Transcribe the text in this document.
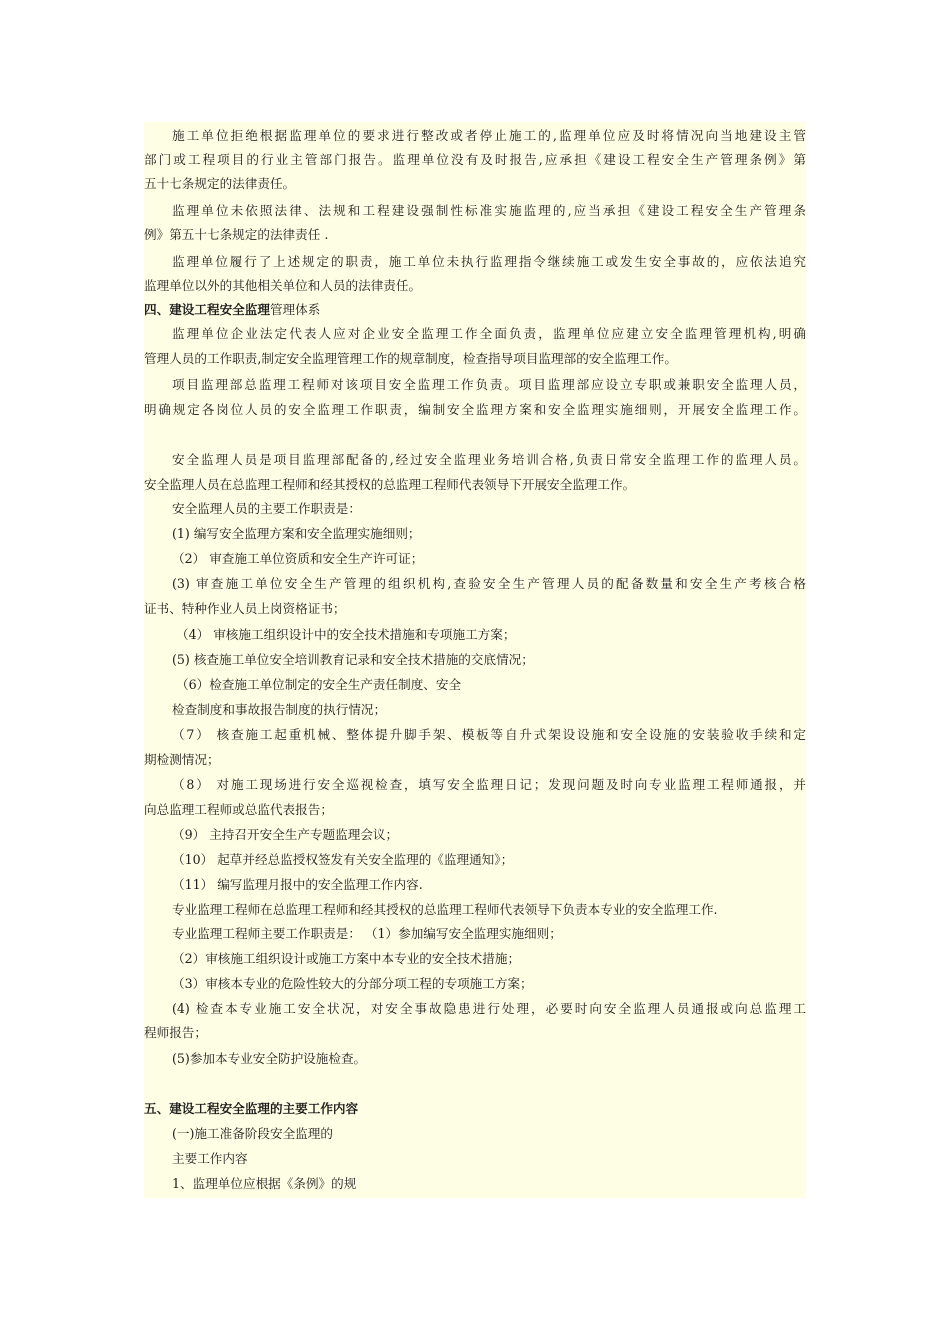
施工单位拒绝根据监理单位的要求进行整改或者停止施工的,监理单位应及时将情况向当地建设主管
部门或工程项目的行业主管部门报告。监理单位没有及时报告,应承担《建设工程安全生产管理条例》第
五十七条规定的法律责任。
监理单位未依照法律、法规和工程建设强制性标准实施监理的,应当承担《建设工程安全生产管理条
例》第五十七条规定的法律责任 .
监理单位履行了上述规定的职责，施工单位未执行监理指令继续施工或发生安全事故的，应依法追究
监理单位以外的其他相关单位和人员的法律责任。
四、建设工程安全监理管理体系
监理单位企业法定代表人应对企业安全监理工作全面负责，监理单位应建立安全监理管理机构,明确
管理人员的工作职责,制定安全监理管理工作的规章制度，检查指导项目监理部的安全监理工作。
项目监理部总监理工程师对该项目安全监理工作负责。项目监理部应设立专职或兼职安全监理人员，
明确规定各岗位人员的安全监理工作职责，编制安全监理方案和安全监理实施细则，开展安全监理工作。
安全监理人员是项目监理部配备的,经过安全监理业务培训合格,负责日常安全监理工作的监理人员。
安全监理人员在总监理工程师和经其授权的总监理工程师代表领导下开展安全监理工作。
安全监理人员的主要工作职责是：
(1) 编写安全监理方案和安全监理实施细则；
（2） 审查施工单位资质和安全生产许可证；
(3) 审查施工单位安全生产管理的组织机构,查验安全生产管理人员的配备数量和安全生产考核合格
证书、特种作业人员上岗资格证书；
（4） 审核施工组织设计中的安全技术措施和专项施工方案；
(5) 核查施工单位安全培训教育记录和安全技术措施的交底情况；
（6）检查施工单位制定的安全生产责任制度、安全
检查制度和事故报告制度的执行情况；
（7） 核查施工起重机械、整体提升脚手架、模板等自升式架设设施和安全设施的安装验收手续和定
期检测情况；
（8） 对施工现场进行安全巡视检查，填写安全监理日记；发现问题及时向专业监理工程师通报，并
向总监理工程师或总监代表报告；
（9） 主持召开安全生产专题监理会议；
（10） 起草并经总监授权签发有关安全监理的《监理通知》；
（11） 编写监理月报中的安全监理工作内容.
专业监理工程师在总监理工程师和经其授权的总监理工程师代表领导下负责本专业的安全监理工作.
专业监理工程师主要工作职责是： （1）参加编写安全监理实施细则；
（2）审核施工组织设计或施工方案中本专业的安全技术措施；
（3）审核本专业的危险性较大的分部分项工程的专项施工方案；
(4) 检查本专业施工安全状况，对安全事故隐患进行处理，必要时向安全监理人员通报或向总监理工
程师报告；
(5)参加本专业安全防护设施检查。
五、建设工程安全监理的主要工作内容
(一)施工准备阶段安全监理的
主要工作内容
1、监理单位应根据《条例》的规
